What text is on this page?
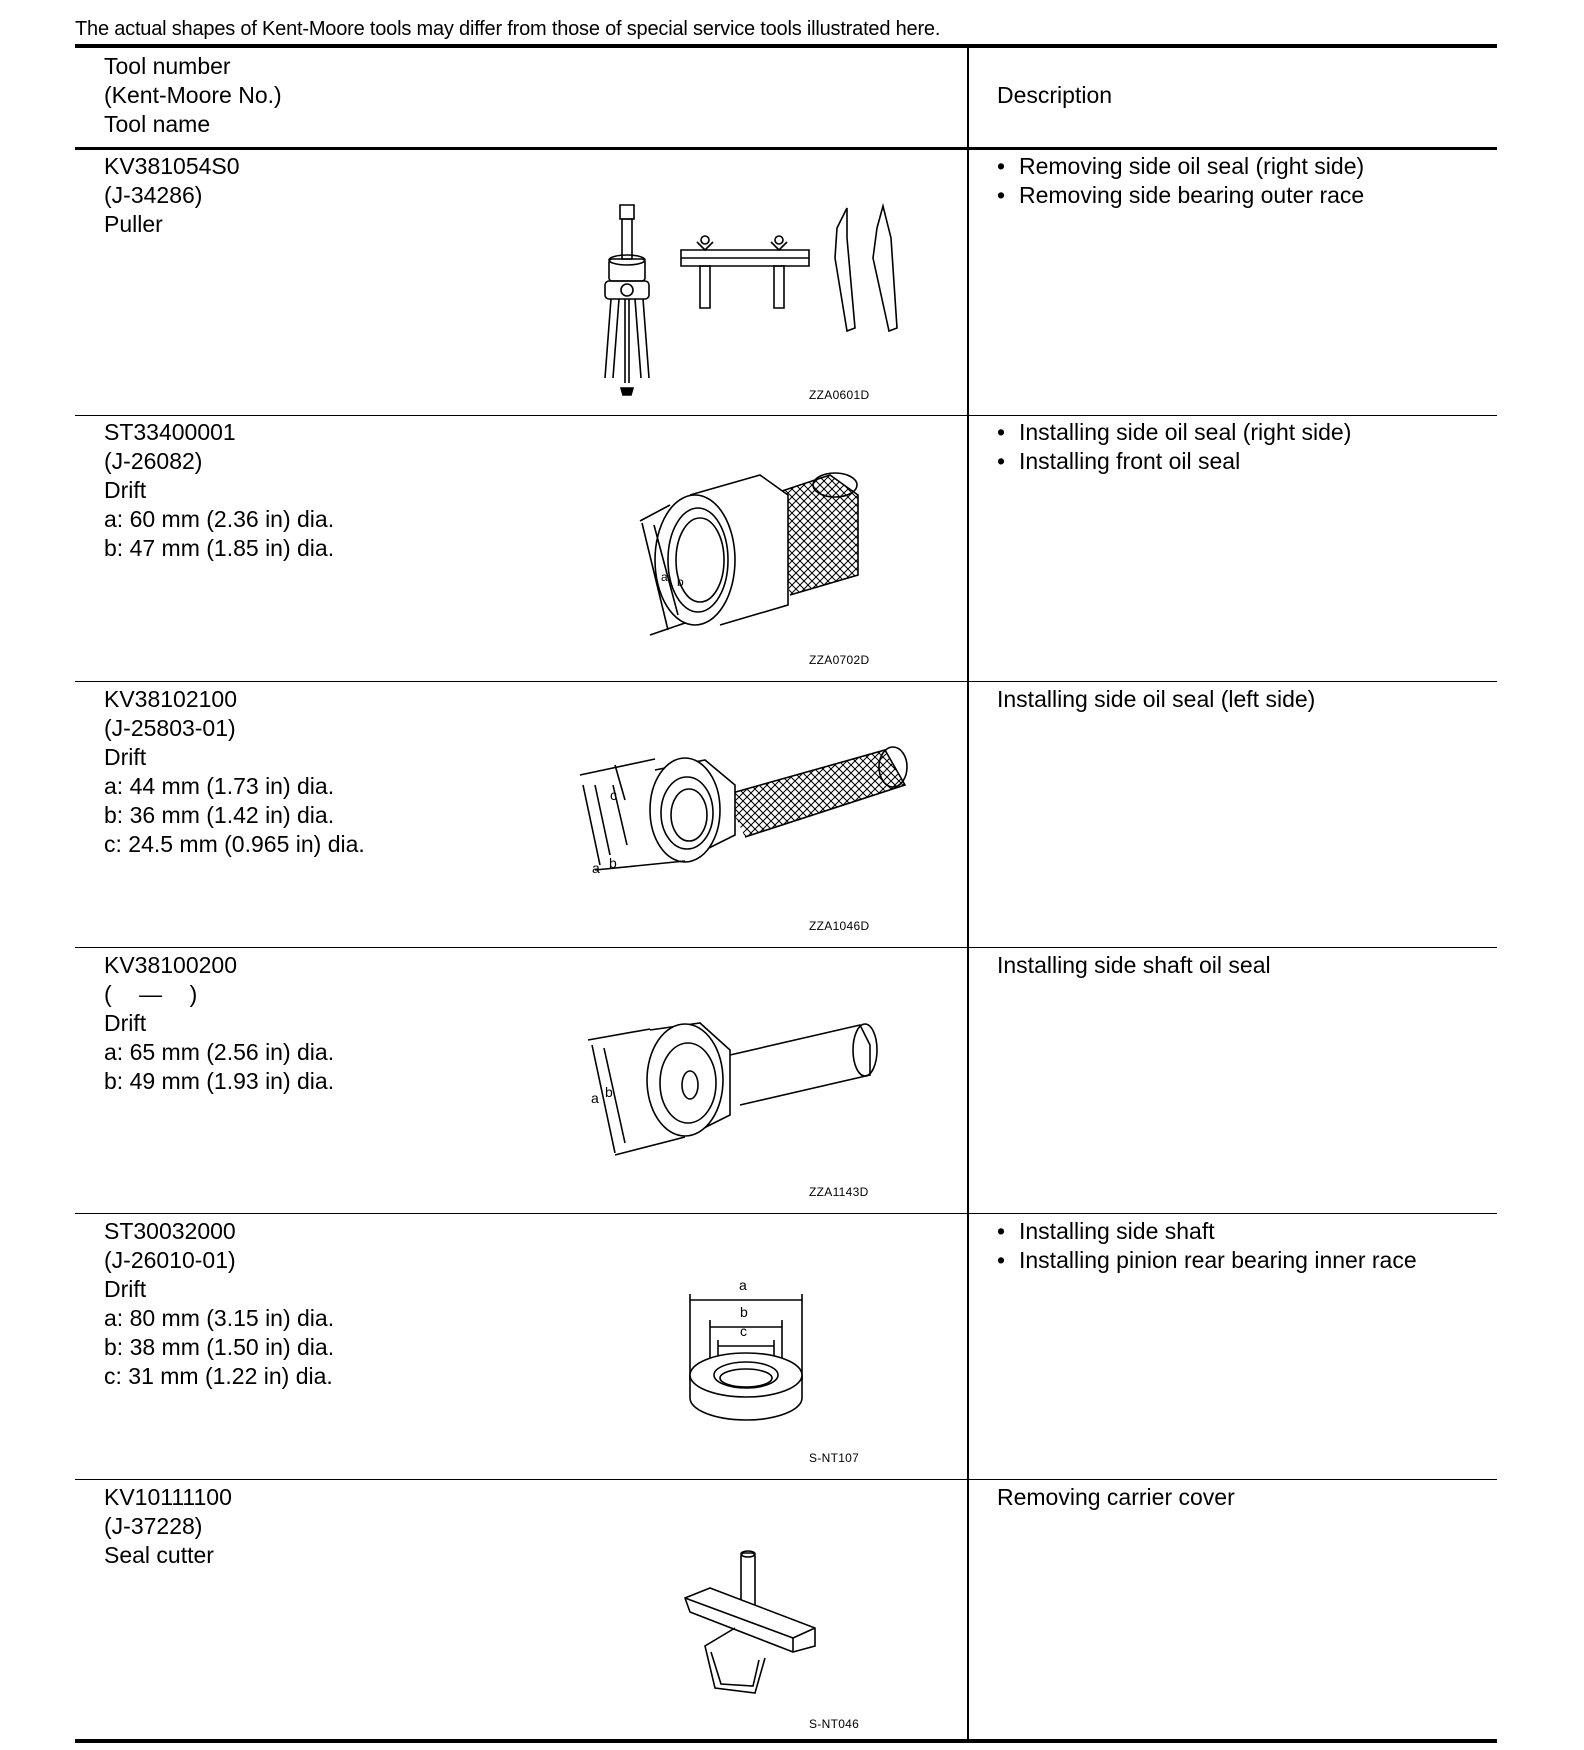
The actual shapes of Kent-Moore tools may differ from those of special service tools illustrated here.
Tool number
(Kent-Moore No.)
Tool name
Description
KV381054S0
(J-34286)
Puller
• Removing side oil seal (right side)
• Removing side bearing outer race
ZZA0601D
ST33400001
(J-26082)
Drift
a: 60 mm (2.36 in) dia.
b: 47 mm (1.85 in) dia.
• Installing side oil seal (right side)
• Installing front oil seal
a b
ZZA0702D
KV38102100
(J-25803-01)
Drift
a: 44 mm (1.73 in) dia.
b: 36 mm (1.42 in) dia.
c: 24.5 mm (0.965 in) dia.
Installing side oil seal (left side)
c
a b
ZZA1046D
KV38100200
( — )
Drift
a: 65 mm (2.56 in) dia.
b: 49 mm (1.93 in) dia.
Installing side shaft oil seal
a b
ZZA1143D
ST30032000
(J-26010-01)
Drift
a: 80 mm (3.15 in) dia.
b: 38 mm (1.50 in) dia.
c: 31 mm (1.22 in) dia.
• Installing side shaft
• Installing pinion rear bearing inner race
a
b
c
S-NT107
KV10111100
(J-37228)
Seal cutter
Removing carrier cover
S-NT046
